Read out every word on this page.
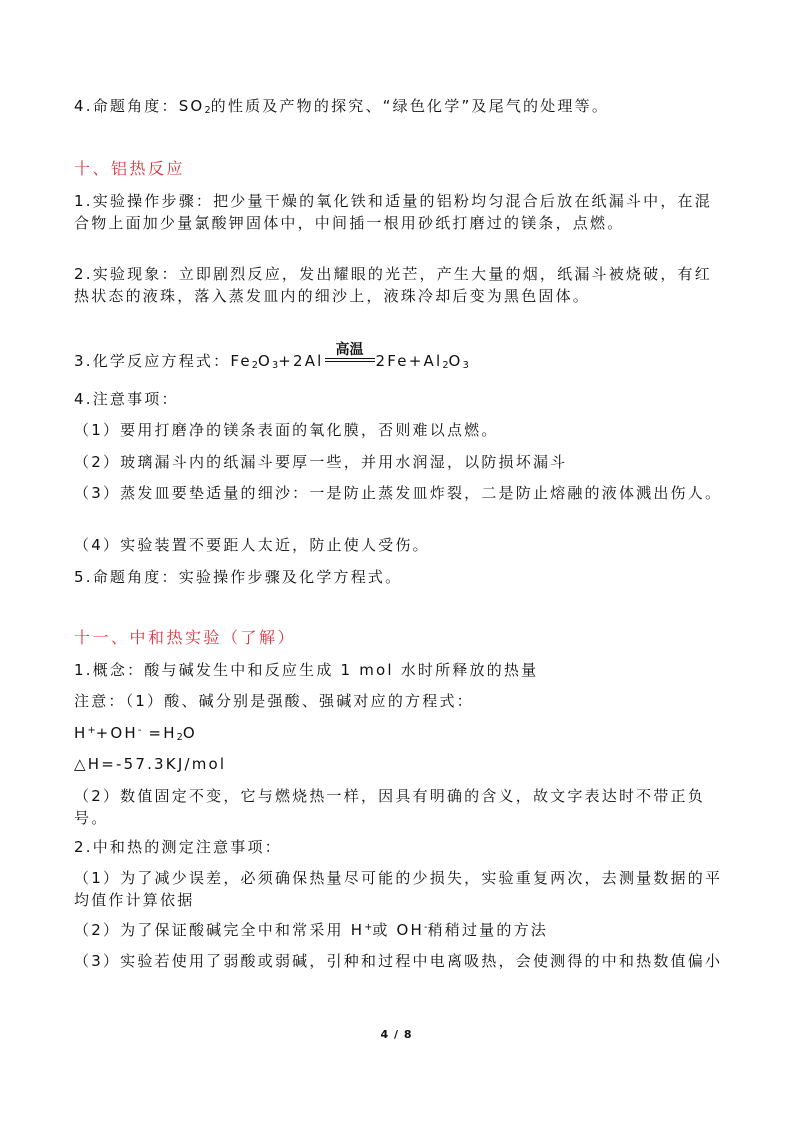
4.命题角度：SO2的性质及产物的探究、“绿色化学”及尾气的处理等。

十、铝热反应

1.实验操作步骤：把少量干燥的氧化铁和适量的铝粉均匀混合后放在纸漏斗中，在混合物上面加少量氯酸钾固体中，中间插一根用砂纸打磨过的镁条，点燃。

2.实验现象：立即剧烈反应，发出耀眼的光芒，产生大量的烟，纸漏斗被烧破，有红热状态的液珠，落入蒸发皿内的细沙上，液珠冷却后变为黑色固体。

3.化学反应方程式：Fe2O3+2Al
高温
2Fe+Al2O3

4.注意事项：

（1）要用打磨净的镁条表面的氧化膜，否则难以点燃。

（2）玻璃漏斗内的纸漏斗要厚一些，并用水润湿，以防损坏漏斗

（3）蒸发皿要垫适量的细沙：一是防止蒸发皿炸裂，二是防止熔融的液体溅出伤人。

（4）实验装置不要距人太近，防止使人受伤。

5.命题角度：实验操作步骤及化学方程式。

十一、中和热实验（了解）

1.概念：酸与碱发生中和反应生成 1 mol 水时所释放的热量

注意：（1）酸、碱分别是强酸、强碱对应的方程式：

H++OH- =H2O

△H=-57.3KJ/mol

（2）数值固定不变，它与燃烧热一样，因具有明确的含义，故文字表达时不带正负号。

2.中和热的测定注意事项：

（1）为了减少误差，必须确保热量尽可能的少损失，实验重复两次，去测量数据的平均值作计算依据

（2）为了保证酸碱完全中和常采用 H+或 OH-稍稍过量的方法

（3）实验若使用了弱酸或弱碱，引种和过程中电离吸热，会使测得的中和热数值偏小

4 / 8
